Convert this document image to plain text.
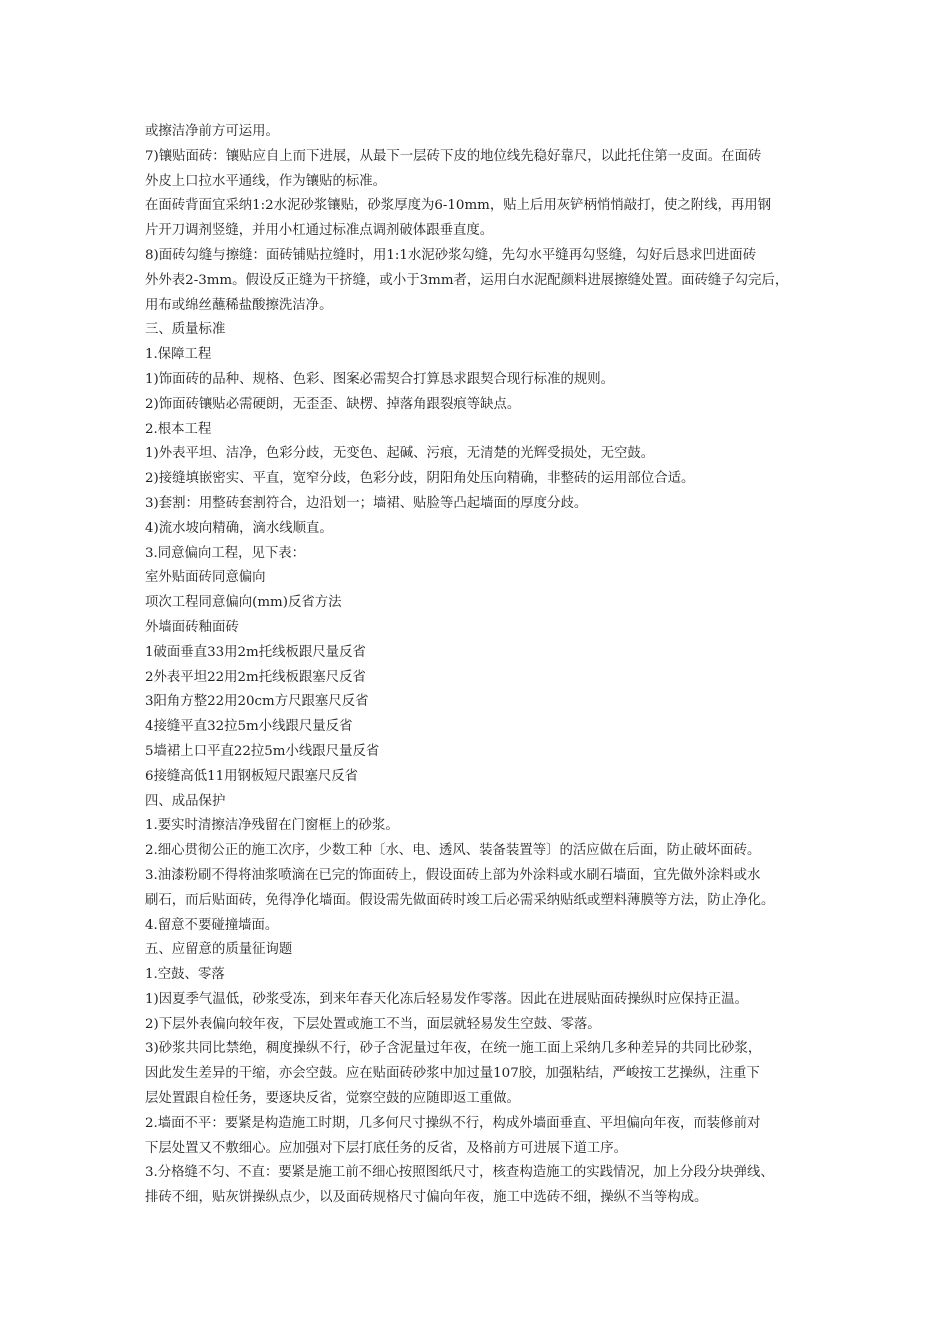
或擦洁净前方可运用。

7)镶贴面砖：镶贴应自上而下进展，从最下一层砖下皮的地位线先稳好靠尺，以此托住第一皮面。在面砖

外皮上口拉水平通线，作为镶贴的标准。

在面砖背面宜采纳1:2水泥砂浆镶贴，砂浆厚度为6-10mm，贴上后用灰铲柄悄悄敲打，使之附线，再用钢

片开刀调剂竖缝，并用小杠通过标准点调剂破体跟垂直度。

8)面砖勾缝与擦缝：面砖铺贴拉缝时，用1:1水泥砂浆勾缝，先勾水平缝再勾竖缝，勾好后恳求凹进面砖

外外表2-3mm。假设反正缝为干挤缝，或小于3mm者，运用白水泥配颜料进展擦缝处置。面砖缝子勾完后，

用布或绵丝蘸稀盐酸擦洗洁净。

三、质量标准

1.保障工程

1)饰面砖的品种、规格、色彩、图案必需契合打算恳求跟契合现行标准的规则。

2)饰面砖镶贴必需硬朗，无歪歪、缺楞、掉落角跟裂痕等缺点。

2.根本工程

1)外表平坦、洁净，色彩分歧，无变色、起碱、污痕，无清楚的光辉受损处，无空鼓。

2)接缝填嵌密实、平直，宽窄分歧，色彩分歧，阴阳角处压向精确，非整砖的运用部位合适。

3)套割：用整砖套割符合，边沿划一；墙裙、贴脸等凸起墙面的厚度分歧。

4)流水坡向精确，滴水线顺直。

3.同意偏向工程，见下表：

室外贴面砖同意偏向

项次工程同意偏向(mm)反省方法

外墙面砖釉面砖

1破面垂直33用2m托线板跟尺量反省

2外表平坦22用2m托线板跟塞尺反省

3阳角方整22用20cm方尺跟塞尺反省

4接缝平直32拉5m小线跟尺量反省

5墙裙上口平直22拉5m小线跟尺量反省

6接缝高低11用钢板短尺跟塞尺反省

四、成品保护

1.要实时清擦洁净残留在门窗框上的砂浆。

2.细心贯彻公正的施工次序，少数工种〔水、电、透风、装备装置等〕的活应做在后面，防止破坏面砖。

3.油漆粉刷不得将油浆喷滴在已完的饰面砖上，假设面砖上部为外涂料或水刷石墙面，宜先做外涂料或水

刷石，而后贴面砖，免得净化墙面。假设需先做面砖时竣工后必需采纳贴纸或塑料薄膜等方法，防止净化。

4.留意不要碰撞墙面。

五、应留意的质量征询题

1.空鼓、零落

1)因夏季气温低，砂浆受冻，到来年春天化冻后轻易发作零落。因此在进展贴面砖操纵时应保持正温。

2)下层外表偏向较年夜，下层处置或施工不当，面层就轻易发生空鼓、零落。

3)砂浆共同比禁绝，稠度操纵不行，砂子含泥量过年夜，在统一施工面上采纳几多种差异的共同比砂浆，

因此发生差异的干缩，亦会空鼓。应在贴面砖砂浆中加过量107胶，加强粘结，严峻按工艺操纵，注重下

层处置跟自检任务，要逐块反省，觉察空鼓的应随即返工重做。

2.墙面不平：要紧是构造施工时期，几多何尺寸操纵不行，构成外墙面垂直、平坦偏向年夜，而装修前对

下层处置又不敷细心。应加强对下层打底任务的反省，及格前方可进展下道工序。

3.分格缝不匀、不直：要紧是施工前不细心按照图纸尺寸，核查构造施工的实践情况，加上分段分块弹线、

排砖不细，贴灰饼操纵点少，以及面砖规格尺寸偏向年夜，施工中选砖不细，操纵不当等构成。
